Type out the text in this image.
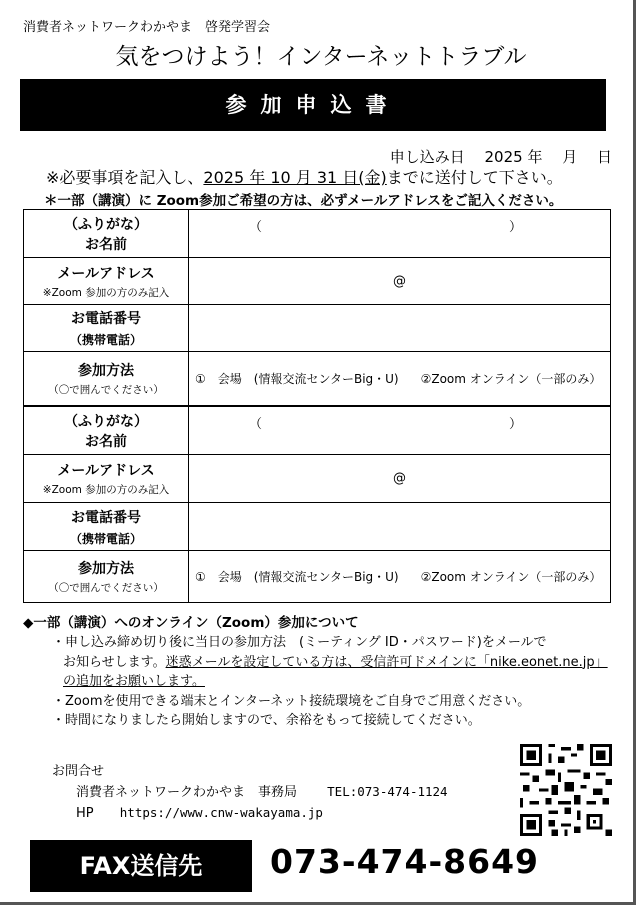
消費者ネットワークわかやま　啓発学習会
気をつけよう！インターネットトラブル
参加申込書
申し込み日　 2025 年　 月　 日
※必要事項を記入し、2025 年 10 月 31 日(金)までに送付して下さい。
＊一部（講演）に Zoom参加ご希望の方は、必ずメールアドレスをご記入ください。
（ふりがな）
お名前	（ ）

メールアドレス
※Zoom 参加の方のみ記入	@
お電話番号
（携帯電話）	

参加方法
（〇で囲んでください）	①　会場　(情報交流センターBig・U) ②Zoom オンライン（一部のみ）
（ふりがな）
お名前	（ ）

メールアドレス
※Zoom 参加の方のみ記入	@
お電話番号
（携帯電話）	

参加方法
（〇で囲んでください）	①　会場　(情報交流センターBig・U) ②Zoom オンライン（一部のみ）
◆一部（講演）へのオンライン（Zoom）参加について
・申し込み締め切り後に当日の参加方法　(ミーティング ID・パスワード)をメールで
お知らせします。迷惑メールを設定している方は、受信許可ドメインに「nike.eonet.ne.jp」
の追加をお願いします。
・Zoomを使用できる端末とインターネット接続環境をご自身でご用意ください。
・時間になりましたら開始しますので、余裕をもって接続してください。
お問合せ
消費者ネットワークわかやま　事務局 TEL:073-474-1124
HP https://www.cnw-wakayama.jp
FAX送信先	073-474-8649
